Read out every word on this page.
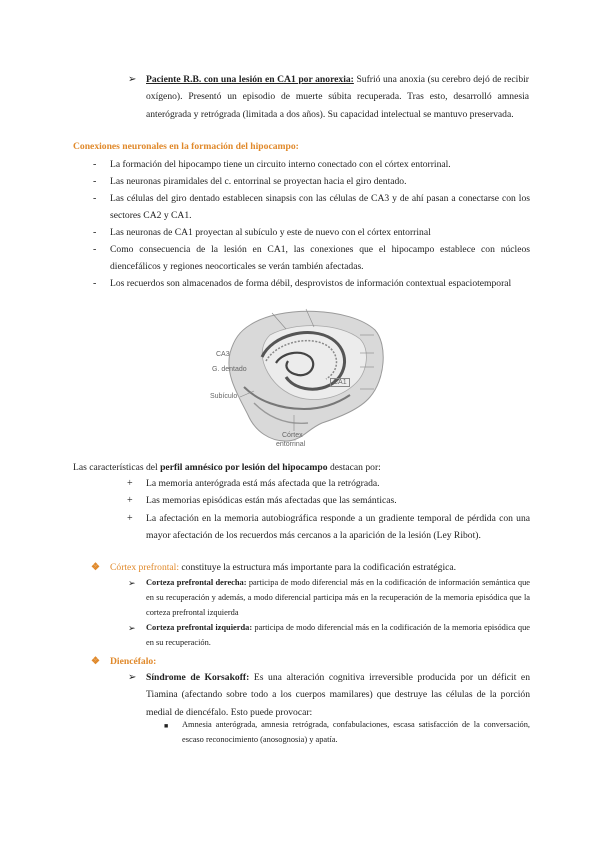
➢ Paciente R.B. con una lesión en CA1 por anorexia: Sufrió una anoxia (su cerebro dejó de recibir oxígeno). Presentó un episodio de muerte súbita recuperada. Tras esto, desarrolló amnesia anterógrada y retrógrada (limitada a dos años). Su capacidad intelectual se mantuvo preservada.

Conexiones neuronales en la formación del hipocampo:

- La formación del hipocampo tiene un circuito interno conectado con el córtex entorrinal.

- Las neuronas piramidales del c. entorrinal se proyectan hacia el giro dentado.

- Las células del giro dentado establecen sinapsis con las células de CA3 y de ahí pasan a conectarse con los sectores CA2 y CA1.

- Las neuronas de CA1 proyectan al subículo y este de nuevo con el córtex entorrinal

- Como consecuencia de la lesión en CA1, las conexiones que el hipocampo establece con núcleos diencefálicos y regiones neocorticales se verán también afectadas.

- Los recuerdos son almacenados de forma débil, desprovistos de información contextual espaciotemporal

CA3
G. dentado
Subículo
CA1
Córtex
entorrinal

Las características del perfil amnésico por lesión del hipocampo destacan por:

+ La memoria anterógrada está más afectada que la retrógrada.

+ Las memorias episódicas están más afectadas que las semánticas.

+ La afectación en la memoria autobiográfica responde a un gradiente temporal de pérdida con una mayor afectación de los recuerdos más cercanos a la aparición de la lesión (Ley Ribot).

❖ Córtex prefrontal: constituye la estructura más importante para la codificación estratégica.

➢ Corteza prefrontal derecha: participa de modo diferencial más en la codificación de información semántica que en su recuperación y además, a modo diferencial participa más en la recuperación de la memoria episódica que la corteza prefrontal izquierda

➢ Corteza prefrontal izquierda: participa de modo diferencial más en la codificación de la memoria episódica que en su recuperación.

❖ Diencéfalo:

➢ Síndrome de Korsakoff: Es una alteración cognitiva irreversible producida por un déficit en Tiamina (afectando sobre todo a los cuerpos mamilares) que destruye las células de la porción medial de diencéfalo. Esto puede provocar:

■ Amnesia anterógrada, amnesia retrógrada, confabulaciones, escasa satisfacción de la conversación, escaso reconocimiento (anosognosia) y apatía.
